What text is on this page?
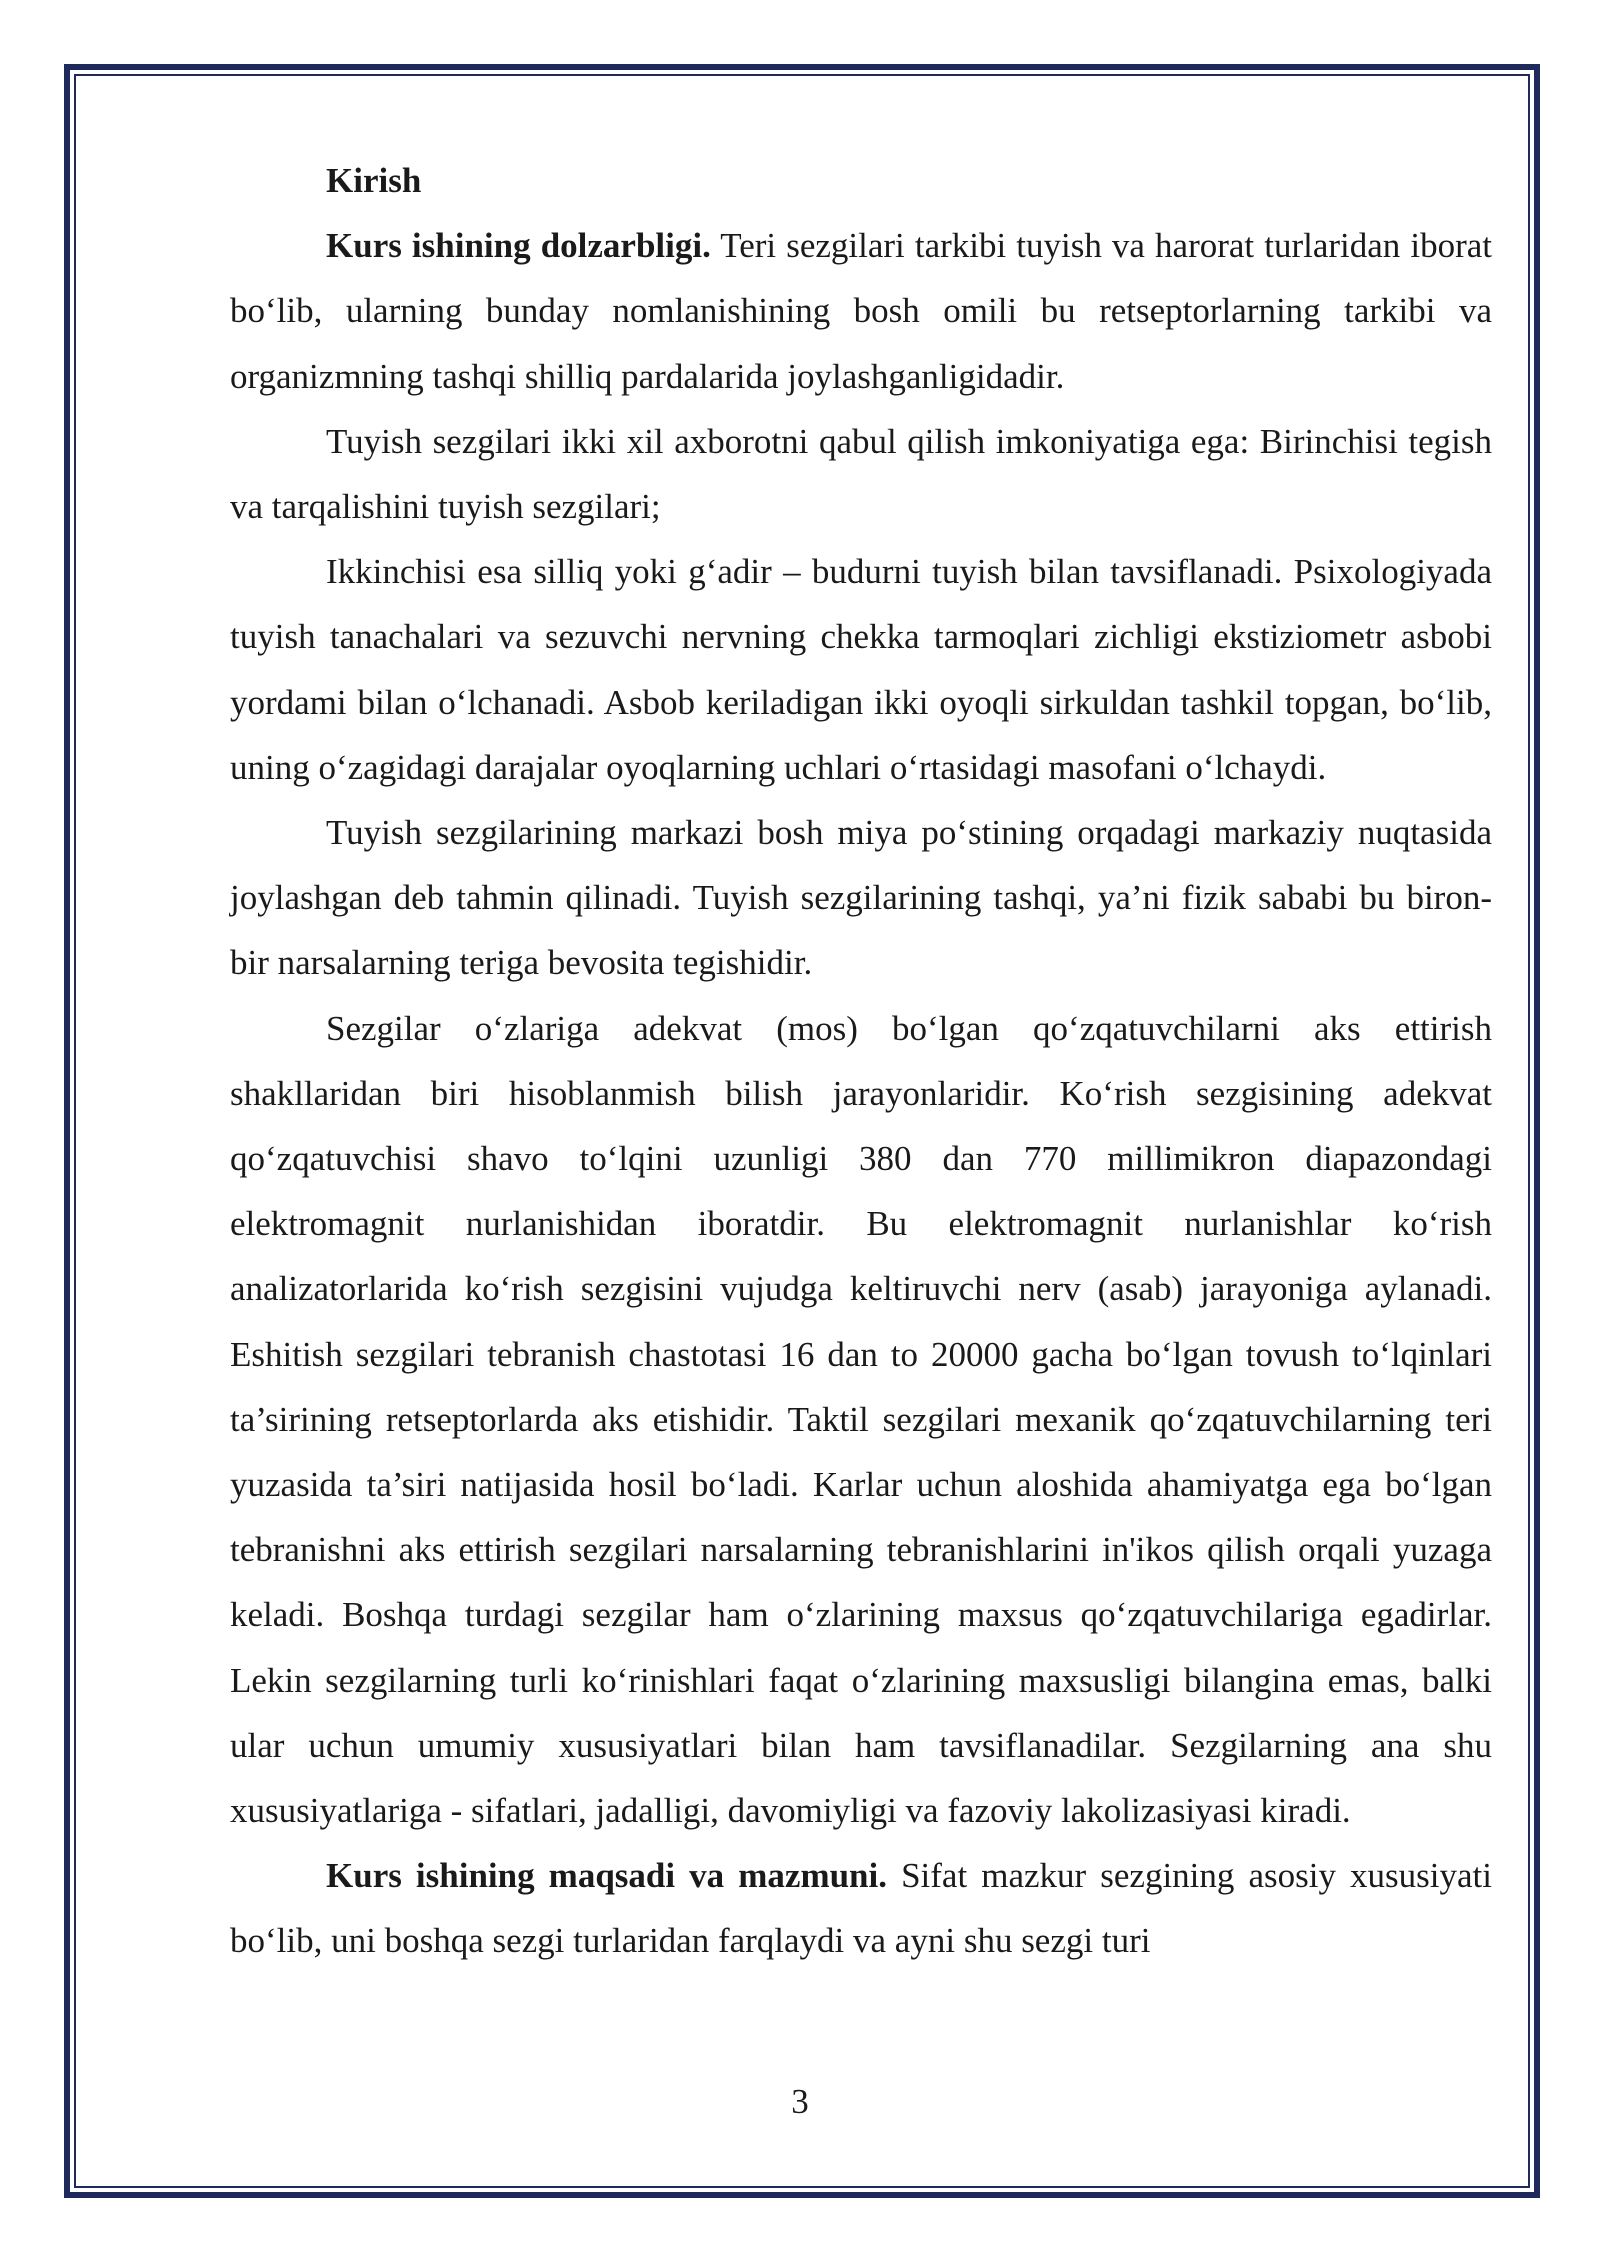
Kirish

Kurs ishining dolzarbligi. Teri sezgilari tarkibi tuyish va harorat turlaridan iborat bo‘lib, ularning bunday nomlanishining bosh omili bu retseptorlarning tarkibi va organizmning tashqi shilliq pardalarida joylashganligidadir.

Tuyish sezgilari ikki xil axborotni qabul qilish imkoniyatiga ega: Birinchisi tegish va tarqalishini tuyish sezgilari;

Ikkinchisi esa silliq yoki g‘adir – budurni tuyish bilan tavsiflanadi. Psixologiyada tuyish tanachalari va sezuvchi nervning chekka tarmoqlari zichligi ekstiziometr asbobi yordami bilan o‘lchanadi. Asbob keriladigan ikki oyoqli sirkuldan tashkil topgan, bo‘lib, uning o‘zagidagi darajalar oyoqlarning uchlari o‘rtasidagi masofani o‘lchaydi.

Tuyish sezgilarining markazi bosh miya po‘stining orqadagi markaziy nuqtasida joylashgan deb tahmin qilinadi. Tuyish sezgilarining tashqi, ya’ni fizik sababi bu biron- bir narsalarning teriga bevosita tegishidir.

Sezgilar o‘zlariga adekvat (mos) bo‘lgan qo‘zqatuvchilarni aks ettirish shakllaridan biri hisoblanmish bilish jarayonlaridir. Ko‘rish sezgisining adekvat qo‘zqatuvchisi shavo to‘lqini uzunligi 380 dan 770 millimikron diapazondagi elektromagnit nurlanishidan iboratdir. Bu elektromagnit nurlanishlar ko‘rish analizatorlarida ko‘rish sezgisini vujudga keltiruvchi nerv (asab) jarayoniga aylanadi. Eshitish sezgilari tebranish chastotasi 16 dan to 20000 gacha bo‘lgan tovush to‘lqinlari ta’sirining retseptorlarda aks etishidir. Taktil sezgilari mexanik qo‘zqatuvchilarning teri yuzasida ta’siri natijasida hosil bo‘ladi. Karlar uchun aloshida ahamiyatga ega bo‘lgan tebranishni aks ettirish sezgilari narsalarning tebranishlarini in'ikos qilish orqali yuzaga keladi. Boshqa turdagi sezgilar ham o‘zlarining maxsus qo‘zqatuvchilariga egadirlar. Lekin sezgilarning turli ko‘rinishlari faqat o‘zlarining maxsusligi bilangina emas, balki ular uchun umumiy xususiyatlari bilan ham tavsiflanadilar. Sezgilarning ana shu xususiyatlariga - sifatlari, jadalligi, davomiyligi va fazoviy lakolizasiyasi kiradi.

Kurs ishining maqsadi va mazmuni. Sifat mazkur sezgining asosiy xususiyati bo‘lib, uni boshqa sezgi turlaridan farqlaydi va ayni shu sezgi turi

3
